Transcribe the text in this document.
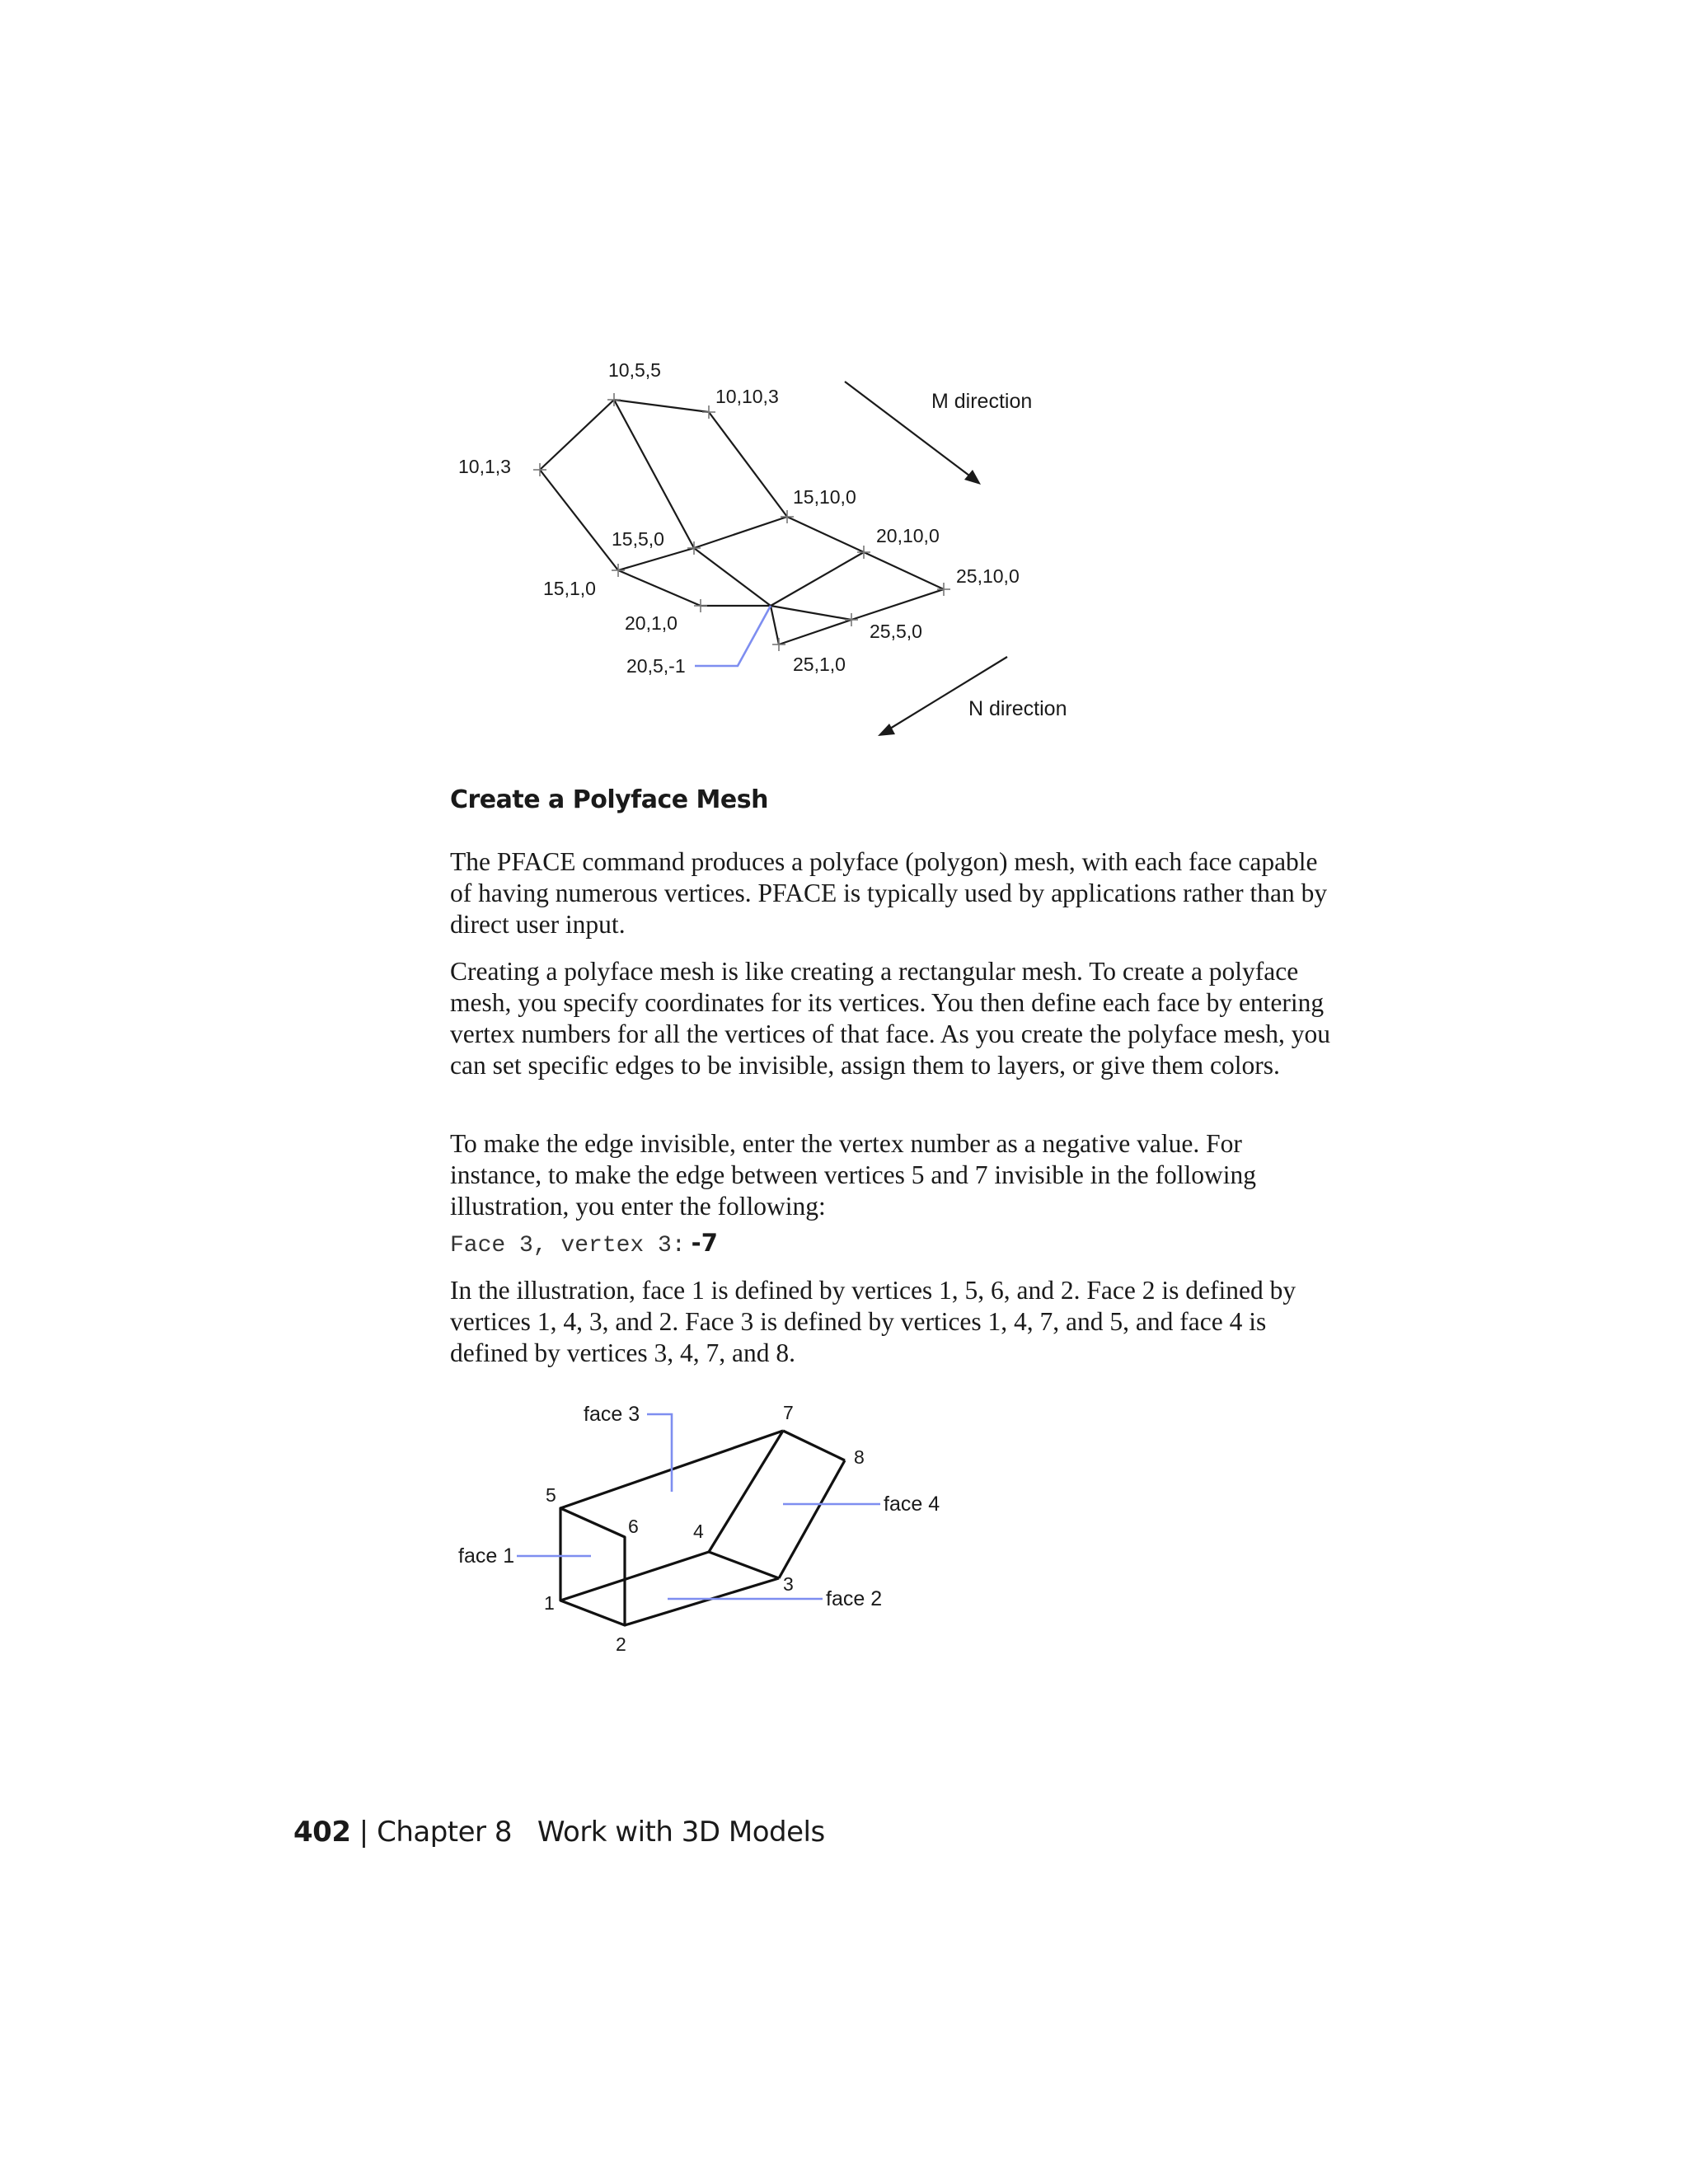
10,5,5
10,10,3
10,1,3
15,10,0
15,5,0	20,10,0
15,1,0
25,10,0
20,1,0	25,5,0
20,5,-1	25,1,0
M direction
N direction
Create a Polyface Mesh

The PFACE command produces a polyface (polygon) mesh, with each face capable of having numerous vertices. PFACE is typically used by applications rather than by direct user input.

Creating a polyface mesh is like creating a rectangular mesh. To create a polyface mesh, you specify coordinates for its vertices. You then define each face by entering vertex numbers for all the vertices of that face. As you create the polyface mesh, you can set specific edges to be invisible, assign them to layers, or give them colors.

To make the edge invisible, enter the vertex number as a negative value. For instance, to make the edge between vertices 5 and 7 invisible in the following illustration, you enter the following:

Face 3, vertex 3: -7

In the illustration, face 1 is defined by vertices 1, 5, 6, and 2. Face 2 is defined by vertices 1, 4, 3, and 2. Face 3 is defined by vertices 1, 4, 7, and 5, and face 4 is defined by vertices 3, 4, 7, and 8.

5
6	4
7
8
1
2
3
face 3
face 1
face 4
face 2

402 | Chapter 8 Work with 3D Models
